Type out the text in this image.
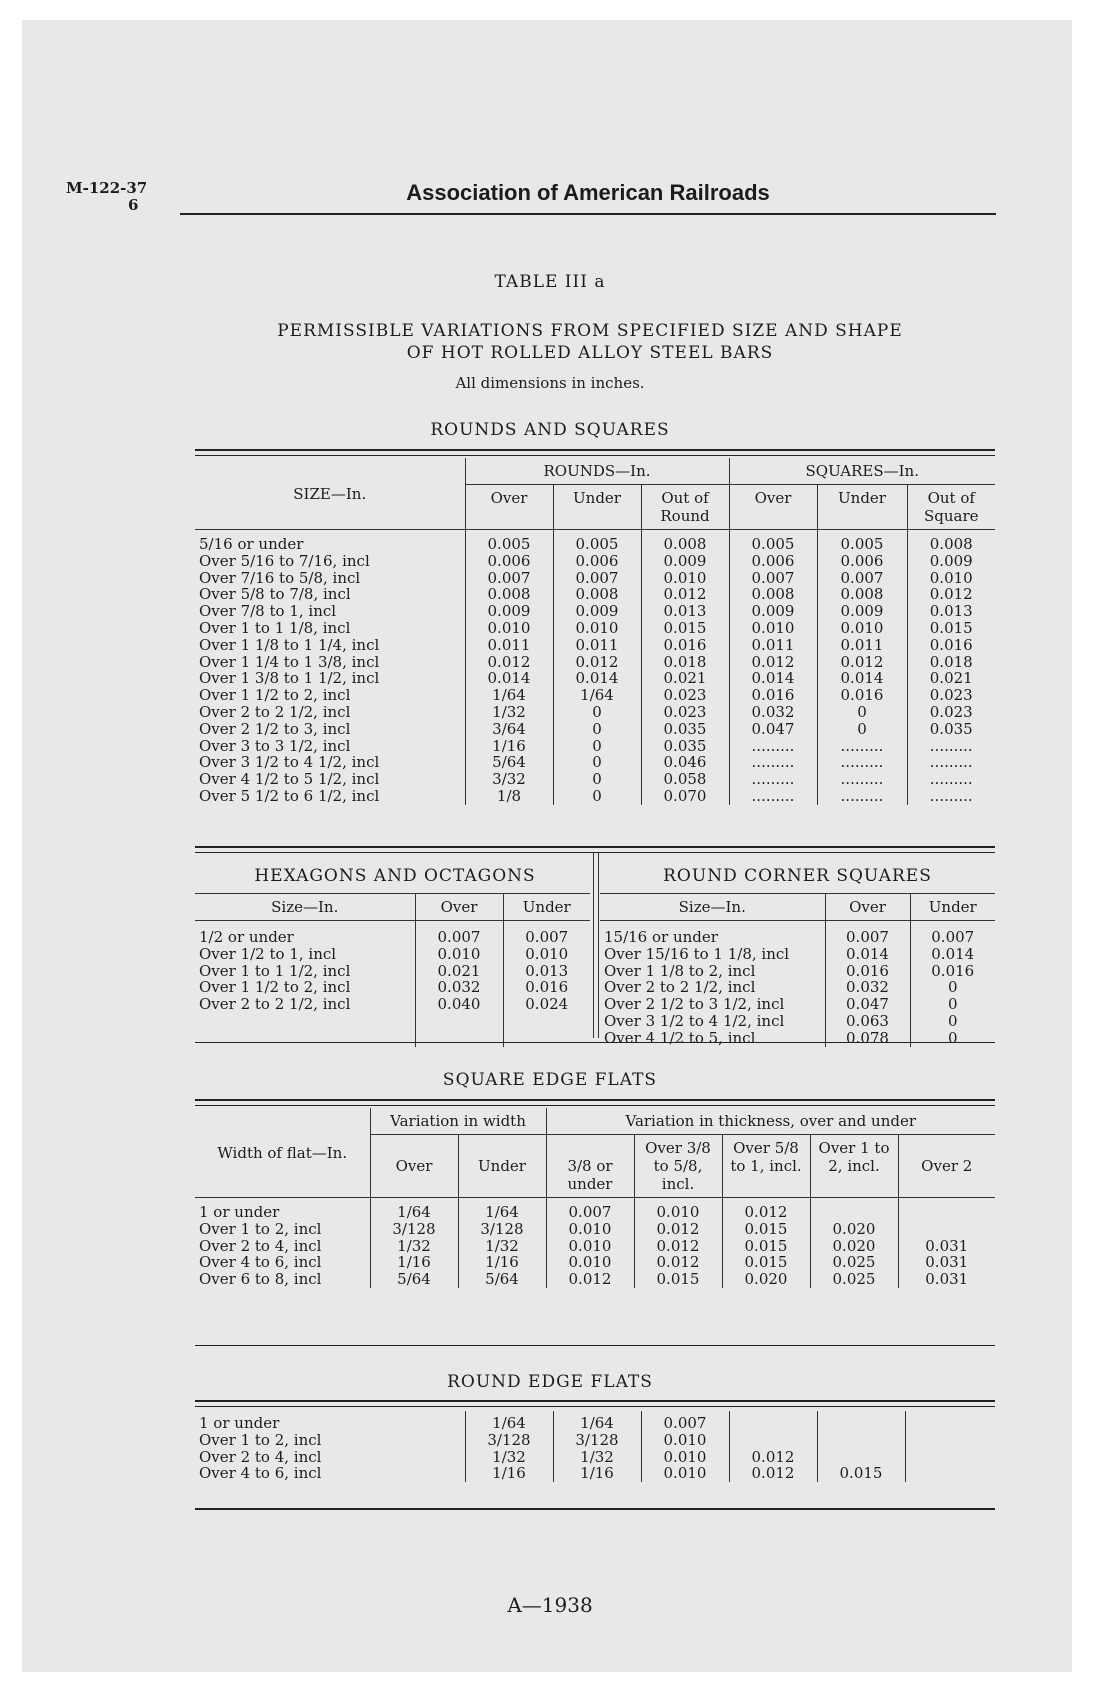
M-122-37
6	Association of American Railroads
TABLE III a
PERMISSIBLE VARIATIONS FROM SPECIFIED SIZE AND SHAPE
OF HOT ROLLED ALLOY STEEL BARS
All dimensions in inches.
ROUNDS AND SQUARES
SIZE—In.	ROUNDS—In.			SQUARES—In.		
	Over	Under	Out of Round	Over	Under	Out of Square
5/16 or under	0.005	0.005	0.008	0.005	0.005	0.008
Over 5/16 to 7/16, incl	0.006	0.006	0.009	0.006	0.006	0.009
Over 7/16 to 5/8, incl	0.007	0.007	0.010	0.007	0.007	0.010
Over 5/8 to 7/8, incl	0.008	0.008	0.012	0.008	0.008	0.012
Over 7/8 to 1, incl	0.009	0.009	0.013	0.009	0.009	0.013
Over 1 to 1 1/8, incl	0.010	0.010	0.015	0.010	0.010	0.015
Over 1 1/8 to 1 1/4, incl	0.011	0.011	0.016	0.011	0.011	0.016
Over 1 1/4 to 1 3/8, incl	0.012	0.012	0.018	0.012	0.012	0.018
Over 1 3/8 to 1 1/2, incl	0.014	0.014	0.021	0.014	0.014	0.021
Over 1 1/2 to 2, incl	1/64	1/64	0.023	0.016	0.016	0.023
Over 2 to 2 1/2, incl	1/32	0	0.023	0.032	0	0.023
Over 2 1/2 to 3, incl	3/64	0	0.035	0.047	0	0.035
Over 3 to 3 1/2, incl	1/16	0	0.035	.........	.........	.........
Over 3 1/2 to 4 1/2, incl	5/64	0	0.046	.........	.........	.........
Over 4 1/2 to 5 1/2, incl	3/32	0	0.058	.........	.........	.........
Over 5 1/2 to 6 1/2, incl	1/8	0	0.070	.........	.........	.........
HEXAGONS AND OCTAGONS	ROUND CORNER SQUARES
Size—In.	Over	Under
1/2 or under	0.007	0.007
Over 1/2 to 1, incl	0.010	0.010
Over 1 to 1 1/2, incl	0.021	0.013
Over 1 1/2 to 2, incl	0.032	0.016
Over 2 to 2 1/2, incl	0.040	0.024

Size—In.	Over	Under
15/16 or under	0.007	0.007
Over 15/16 to 1 1/8, incl	0.014	0.014
Over 1 1/8 to 2, incl	0.016	0.016
Over 2 to 2 1/2, incl	0.032	0
Over 2 1/2 to 3 1/2, incl	0.047	0
Over 3 1/2 to 4 1/2, incl	0.063	0
Over 4 1/2 to 5, incl	0.078	0
SQUARE EDGE FLATS
Width of flat—In.	Variation in width		Variation in thickness, over and under				
	Over	Under	3/8 or under	Over 3/8 to 5/8, incl.	Over 5/8 to 1, incl.	Over 1 to 2, incl.	Over 2
1 or under	1/64	1/64	0.007	0.010	0.012		
Over 1 to 2, incl	3/128	3/128	0.010	0.012	0.015	0.020	
Over 2 to 4, incl	1/32	1/32	0.010	0.012	0.015	0.020	0.031
Over 4 to 6, incl	1/16	1/16	0.010	0.012	0.015	0.025	0.031
Over 6 to 8, incl	5/64	5/64	0.012	0.015	0.020	0.025	0.031
ROUND EDGE FLATS
1 or under	1/64	1/64	0.007			
Over 1 to 2, incl	3/128	3/128	0.010			
Over 2 to 4, incl	1/32	1/32	0.010	0.012		
Over 4 to 6, incl	1/16	1/16	0.010	0.012	0.015	
A—1938
